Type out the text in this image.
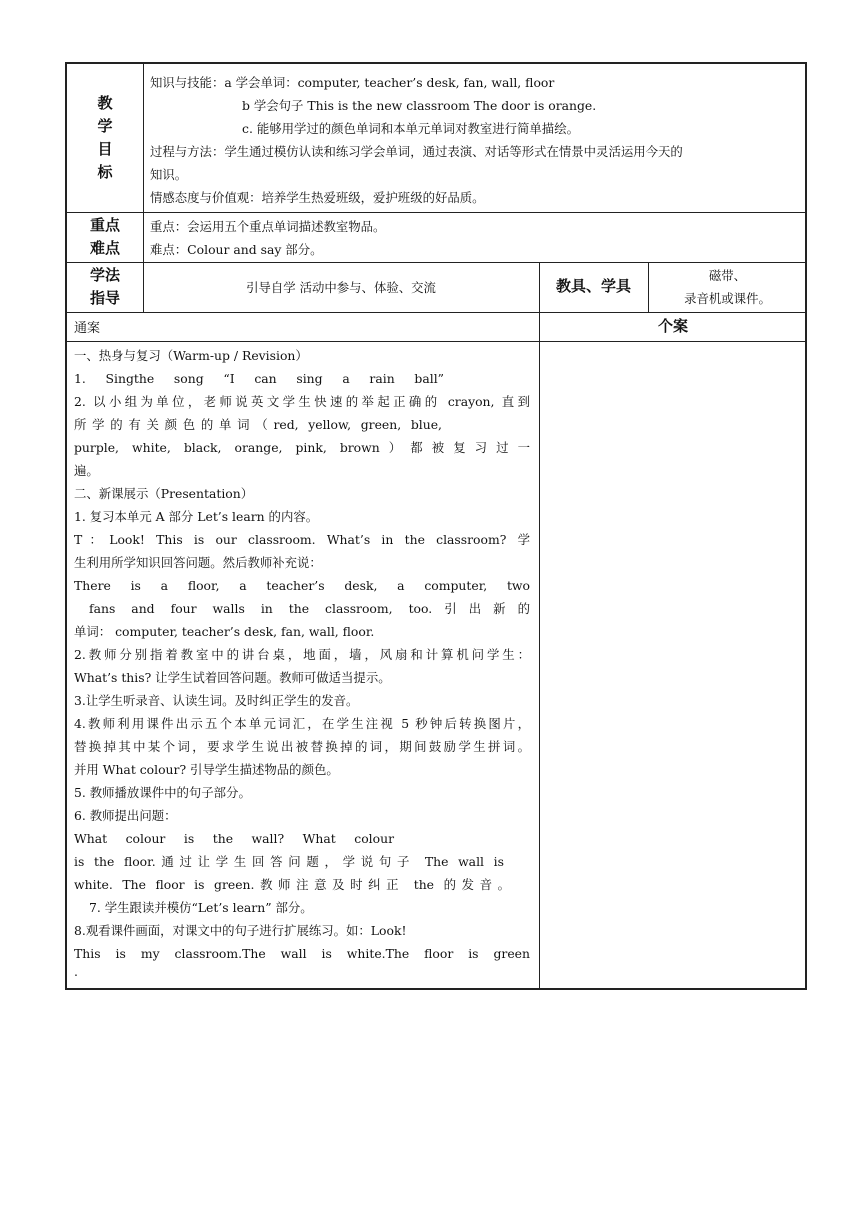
教
学
目
标
知识与技能：a 学会单词：computer, teacher’s desk, fan, wall, floor
b 学会句子 This is the new classroom The door is orange.
c. 能够用学过的颜色单词和本单元单词对教室进行简单描绘。
过程与方法：学生通过模仿认读和练习学会单词，通过表演、对话等形式在情景中灵活运用今天的
知识。
情感态度与价值观：培养学生热爱班级，爱护班级的好品质。
重点
难点
重点：会运用五个重点单词描述教室物品。
难点：Colour and say 部分。
学法
指导
引导自学 活动中参与、体验、交流	教具、学具
磁带、
录音机或课件。
通案	个案
一、热身与复习（Warm-up / Revision）
1. Singthe song “I can sing a rain ball”
2. 以小组为单位，老师说英文学生快速的举起正确的 crayon, 直到
所学的有关颜色的单词（red, yellow, green, blue,
purple, white, black, orange, pink, brown）都被复习过一
遍。
二、新课展示（Presentation）
1. 复习本单元 A 部分 Let’s learn 的内容。
T：Look! This is our classroom. What’s in the classroom? 学
生利用所学知识回答问题。然后教师补充说：
There is a floor, a teacher’s desk, a computer, two
fans and four walls in the classroom, too.引出新的
单词： computer, teacher’s desk, fan, wall, floor.
2.教师分别指着教室中的讲台桌，地面，墙，风扇和计算机问学生：
What’s this? 让学生试着回答问题。教师可做适当提示。
3.让学生听录音、认读生词。及时纠正学生的发音。
4.教师利用课件出示五个本单元词汇，在学生注视 5 秒钟后转换图片，
替换掉其中某个词，要求学生说出被替换掉的词，期间鼓励学生拼词。
并用 What colour? 引导学生描述物品的颜色。
5. 教师播放课件中的句子部分。
6. 教师提出问题：
What colour is the wall? What colour
is the floor.通过让学生回答问题，学说句子 The wall is
white. The floor is green.教师注意及时纠正 the 的发音。
7. 学生跟读并模仿“Let’s learn” 部分。
8.观看课件画面，对课文中的句子进行扩展练习。如：Look!
This is my classroom.The wall is white.The floor is green
.
